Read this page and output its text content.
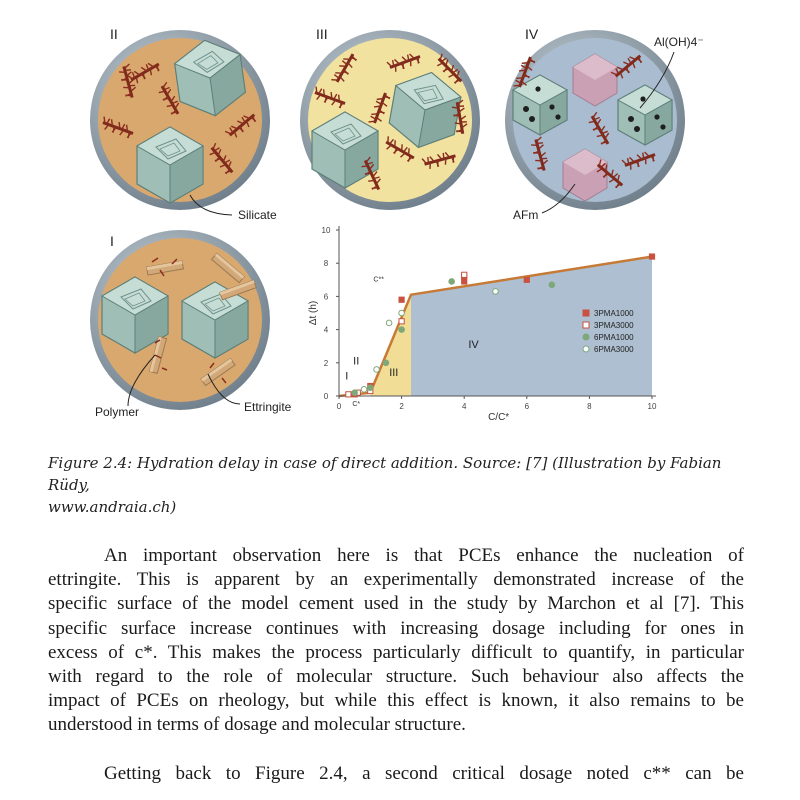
II	III	IV
I
Silicate
Polymer	Ettringite
AFm
Al(OH)4⁻
I
II
III
IV
0	2	4	6	8	10
0
2
4
6
8
10
C/C*
Δt (h)
C*
C**
3PMA1000
3PMA3000
6PMA1000
6PMA3000

Figure 2.4: Hydration delay in case of direct addition. Source: [7] (Illustration by Fabian Rüdy,
www.andraia.ch)

An important observation here is that PCEs enhance the nucleation of
ettringite. This is apparent by an experimentally demonstrated increase of the
specific surface of the model cement used in the study by Marchon et al [7]. This
specific surface increase continues with increasing dosage including for ones in
excess of c*. This makes the process particularly difficult to quantify, in particular
with regard to the role of molecular structure. Such behaviour also affects the
impact of PCEs on rheology, but while this effect is known, it also remains to be
understood in terms of dosage and molecular structure.
Getting back to Figure 2.4, a second critical dosage noted c** can be
